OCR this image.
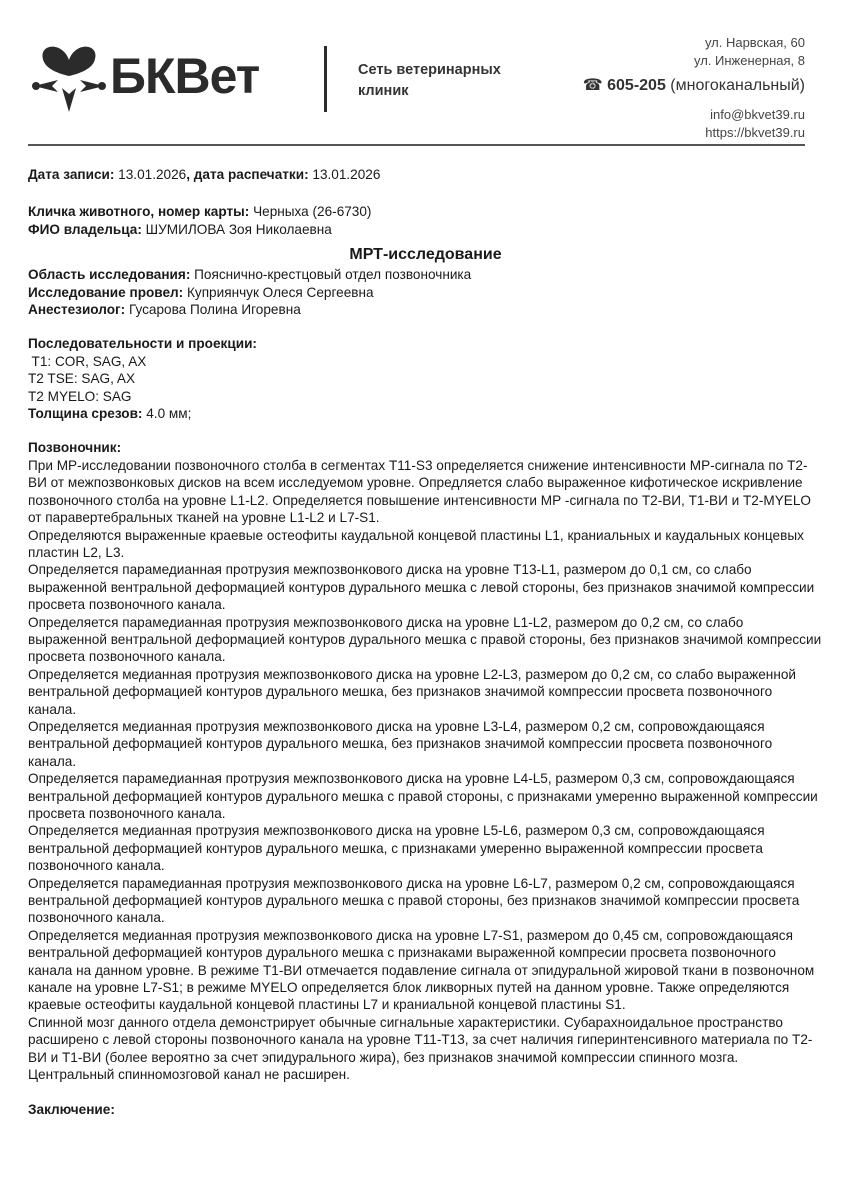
БКВет	Сеть ветеринарных клиник
ул. Нарвская, 60
ул. Инженерная, 8
☎ 605-205 (многоканальный)
info@bkvet39.ru
https://bkvet39.ru

Дата записи: 13.01.2026, дата распечатки: 13.01.2026

Кличка животного, номер карты: Черныха (26-6730)

ФИО владельца: ШУМИЛОВА Зоя Николаевна

МРТ-исследование

Область исследования: Пояснично-крестцовый отдел позвоночника

Исследование провел: Куприянчук Олеся Сергеевна

Анестезиолог: Гусарова Полина Игоревна

Последовательности и проекции:

T1: COR, SAG, AX

T2 TSE: SAG, AX

T2 MYELO: SAG

Толщина срезов: 4.0 мм;

Позвоночник:

При МР-исследовании позвоночного столба в сегментах Т11-S3 определяется снижение интенсивности МР-сигнала по Т2-ВИ от межпозвонковых дисков на всем исследуемом уровне. Опредляется слабо выраженное кифотическое искривление позвоночного столба на уровне L1-L2. Определяется повышение интенсивности МР -сигнала по Т2-ВИ, Т1-ВИ и Т2-MYELO от паравертебральных тканей на уровне L1-L2 и L7-S1.

Определяются выраженные краевые остеофиты каудальной концевой пластины L1, краниальных и каудальных концевых пластин L2, L3.

Определяется парамедианная протрузия межпозвонкового диска на уровне Т13-L1, размером до 0,1 см, со слабо выраженной вентральной деформацией контуров дурального мешка с левой стороны, без признаков значимой компрессии просвета позвоночного канала.

Определяется парамедианная протрузия межпозвонкового диска на уровне L1-L2, размером до 0,2 см, со слабо выраженной вентральной деформацией контуров дурального мешка с правой стороны, без признаков значимой компрессии просвета позвоночного канала.

Определяется медианная протрузия межпозвонкового диска на уровне L2-L3, размером до 0,2 см, со слабо выраженной вентральной деформацией контуров дурального мешка, без признаков значимой компрессии просвета позвоночного канала.

Определяется медианная протрузия межпозвонкового диска на уровне L3-L4, размером 0,2 см, сопровождающаяся вентральной деформацией контуров дурального мешка, без признаков значимой компрессии просвета позвоночного канала.

Определяется парамедианная протрузия межпозвонкового диска на уровне L4-L5, размером 0,3 см, сопровождающаяся вентральной деформацией контуров дурального мешка с правой стороны, с признаками умеренно выраженной компрессии просвета позвоночного канала.

Определяется медианная протрузия межпозвонкового диска на уровне L5-L6, размером 0,3 см, сопровождающаяся вентральной деформацией контуров дурального мешка, с признаками умеренно выраженной компрессии просвета позвоночного канала.

Определяется парамедианная протрузия межпозвонкового диска на уровне L6-L7, размером 0,2 см, сопровождающаяся вентральной деформацией контуров дурального мешка с правой стороны, без признаков значимой компрессии просвета позвоночного канала.

Определяется медианная протрузия межпозвонкового диска на уровне L7-S1, размером до 0,45 см, сопровождающаяся вентральной деформацией контуров дурального мешка с признаками выраженной компресии просвета позвоночного канала на данном уровне. В режиме Т1-ВИ отмечается подавление сигнала от эпидуральной жировой ткани в позвоночном канале на уровне L7-S1; в режиме MYELO определяется блок ликворных путей на данном уровне. Также определяются краевые остеофиты каудальной концевой пластины L7 и краниальной концевой пластины S1.

Спинной мозг данного отдела демонстрирует обычные сигнальные характеристики. Субарахноидальное пространство расширено с левой стороны позвоночного канала на уровне Т11-Т13, за счет наличия гиперинтенсивного материала по Т2-ВИ и Т1-ВИ (более вероятно за счет эпидурального жира), без признаков значимой компрессии спинного мозга. Центральный спинномозговой канал не расширен.

Заключение:
